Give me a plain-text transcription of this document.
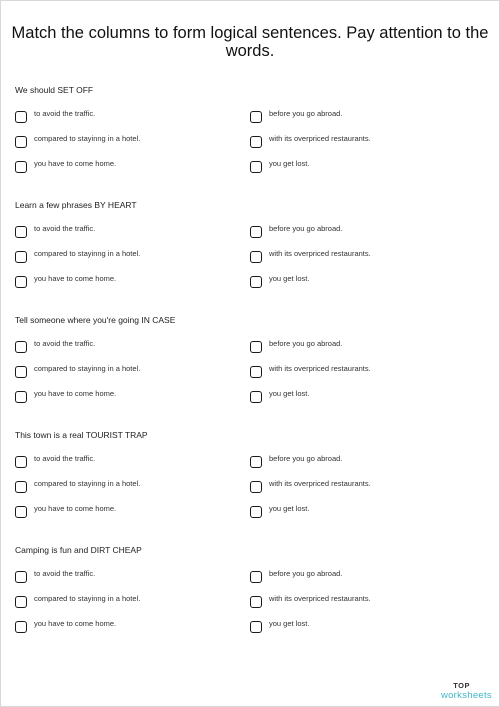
Match the columns to form logical sentences. Pay attention to the words.

We should SET OFF

to avoid the traffic.
compared to stayinng in a hotel.
you have to come home.
before you go abroad.
with its overpriced restaurants.
you get lost.

Learn a few phrases BY HEART

to avoid the traffic.
compared to stayinng in a hotel.
you have to come home.
before you go abroad.
with its overpriced restaurants.
you get lost.

Tell someone where you're going IN CASE

to avoid the traffic.
compared to stayinng in a hotel.
you have to come home.
before you go abroad.
with its overpriced restaurants.
you get lost.

This town is a real TOURIST TRAP

to avoid the traffic.
compared to stayinng in a hotel.
you have to come home.
before you go abroad.
with its overpriced restaurants.
you get lost.

Camping is fun and DIRT CHEAP

to avoid the traffic.
compared to stayinng in a hotel.
you have to come home.
before you go abroad.
with its overpriced restaurants.
you get lost.
TOP
worksheets
